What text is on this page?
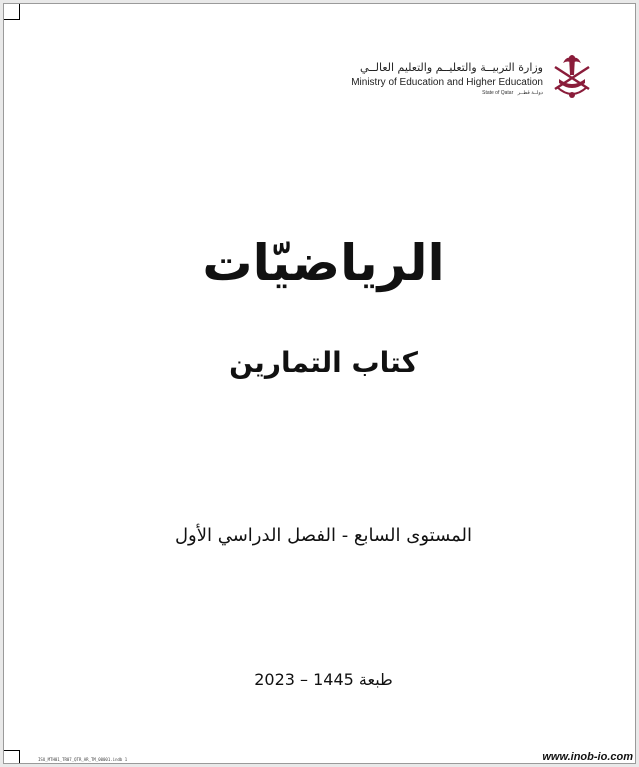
وزارة التربيــة والتعليــم والتعليم العالــي
Ministry of Education and Higher Education
State of Qatar دولــة قطــر
الرياضيّات
كتاب التمارين
المستوى السابع - الفصل الدراسي الأول
طبعة 1445 – 2023
ISU_MTH01_TR07_QTR_AR_TM_00001.indb 1	www.inob-io.com
